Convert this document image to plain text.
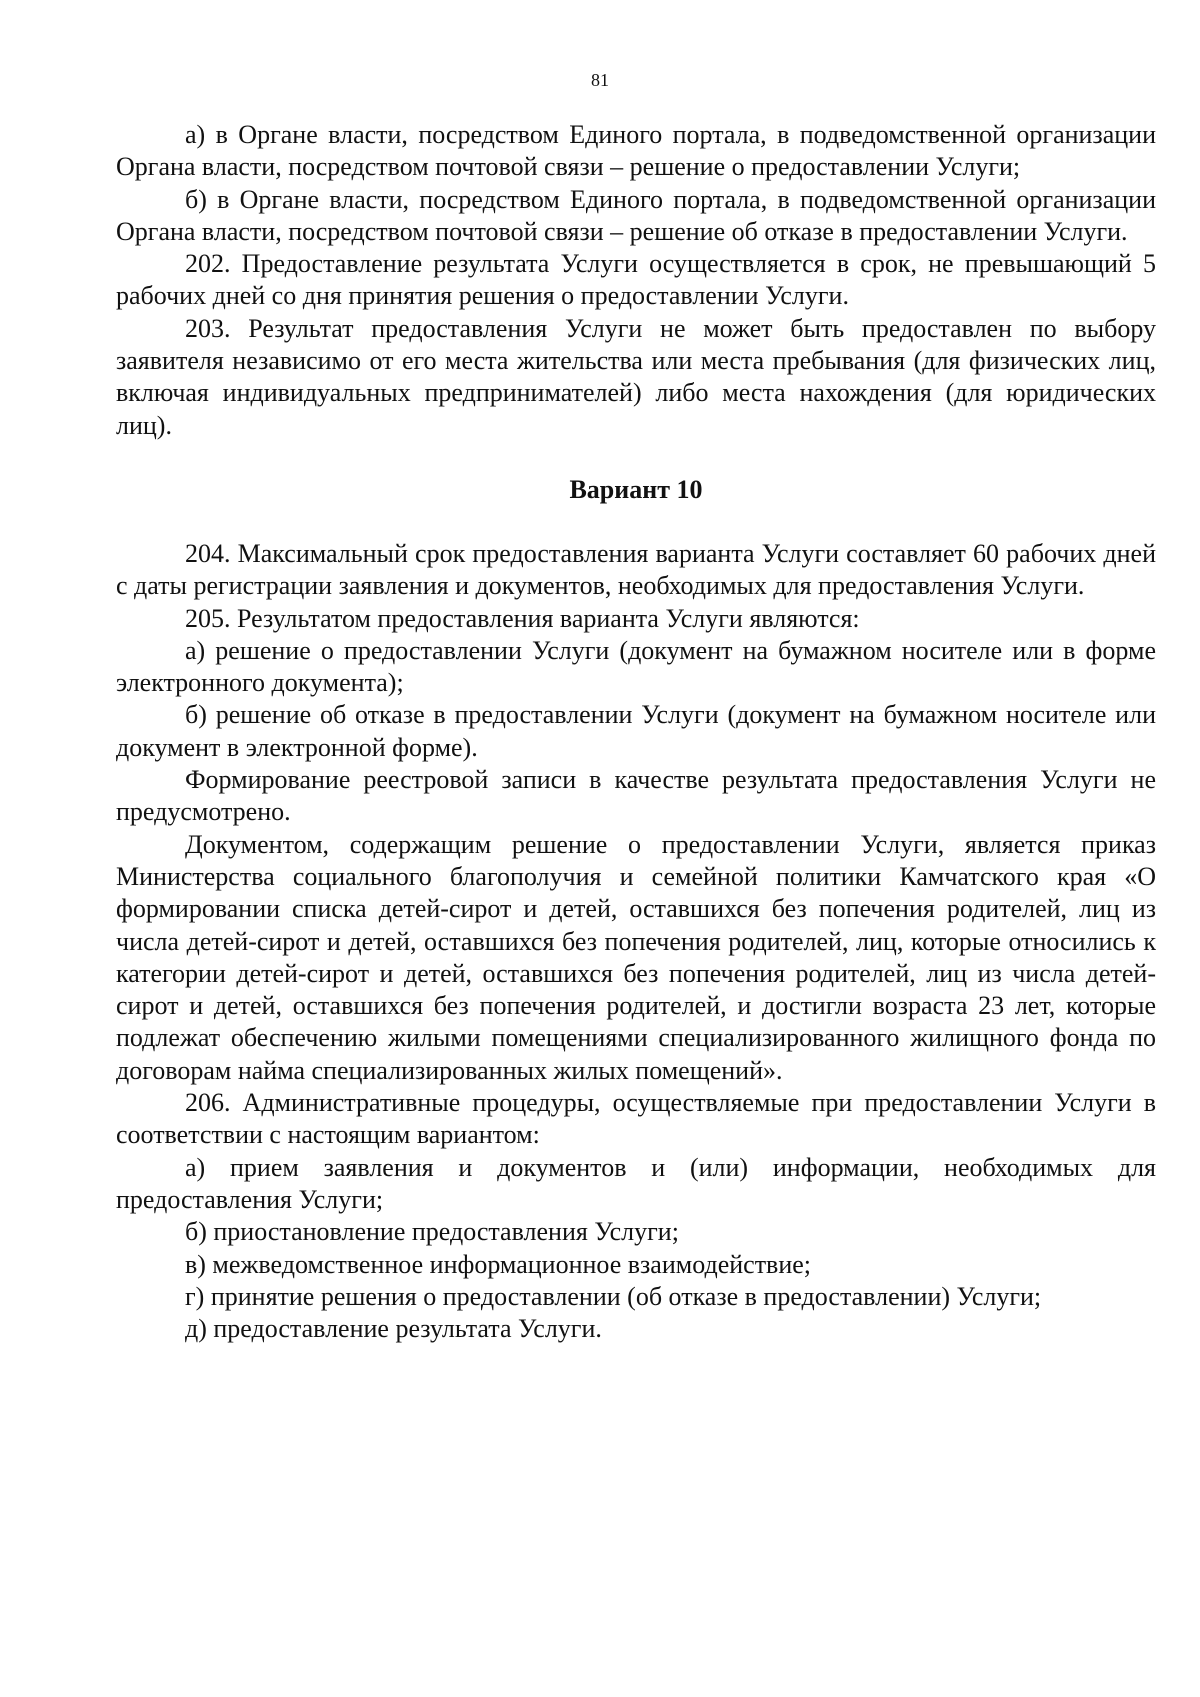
81

а) в Органе власти, посредством Единого портала, в подведомственной организации Органа власти, посредством почтовой связи – решение о предоставлении Услуги;

б) в Органе власти, посредством Единого портала, в подведомственной организации Органа власти, посредством почтовой связи – решение об отказе в предоставлении Услуги.

202. Предоставление результата Услуги осуществляется в срок, не превышающий 5 рабочих дней со дня принятия решения о предоставлении Услуги.

203. Результат предоставления Услуги не может быть предоставлен по выбору заявителя независимо от его места жительства или места пребывания (для физических лиц, включая индивидуальных предпринимателей) либо места нахождения (для юридических лиц).

Вариант 10

204. Максимальный срок предоставления варианта Услуги составляет 60 рабочих дней с даты регистрации заявления и документов, необходимых для предоставления Услуги.

205. Результатом предоставления варианта Услуги являются:

а) решение о предоставлении Услуги (документ на бумажном носителе или в форме электронного документа);

б) решение об отказе в предоставлении Услуги (документ на бумажном носителе или документ в электронной форме).

Формирование реестровой записи в качестве результата предоставления Услуги не предусмотрено.

Документом, содержащим решение о предоставлении Услуги, является приказ Министерства социального благополучия и семейной политики Камчатского края «О формировании списка детей-сирот и детей, оставшихся без попечения родителей, лиц из числа детей-сирот и детей, оставшихся без попечения родителей, лиц, которые относились к категории детей-сирот и детей, оставшихся без попечения родителей, лиц из числа детей-сирот и детей, оставшихся без попечения родителей, и достигли возраста 23 лет, которые подлежат обеспечению жилыми помещениями специализированного жилищного фонда по договорам найма специализированных жилых помещений».

206. Административные процедуры, осуществляемые при предоставлении Услуги в соответствии с настоящим вариантом:

а) прием заявления и документов и (или) информации, необходимых для предоставления Услуги;

б) приостановление предоставления Услуги;

в) межведомственное информационное взаимодействие;

г) принятие решения о предоставлении (об отказе в предоставлении) Услуги;

д) предоставление результата Услуги.
